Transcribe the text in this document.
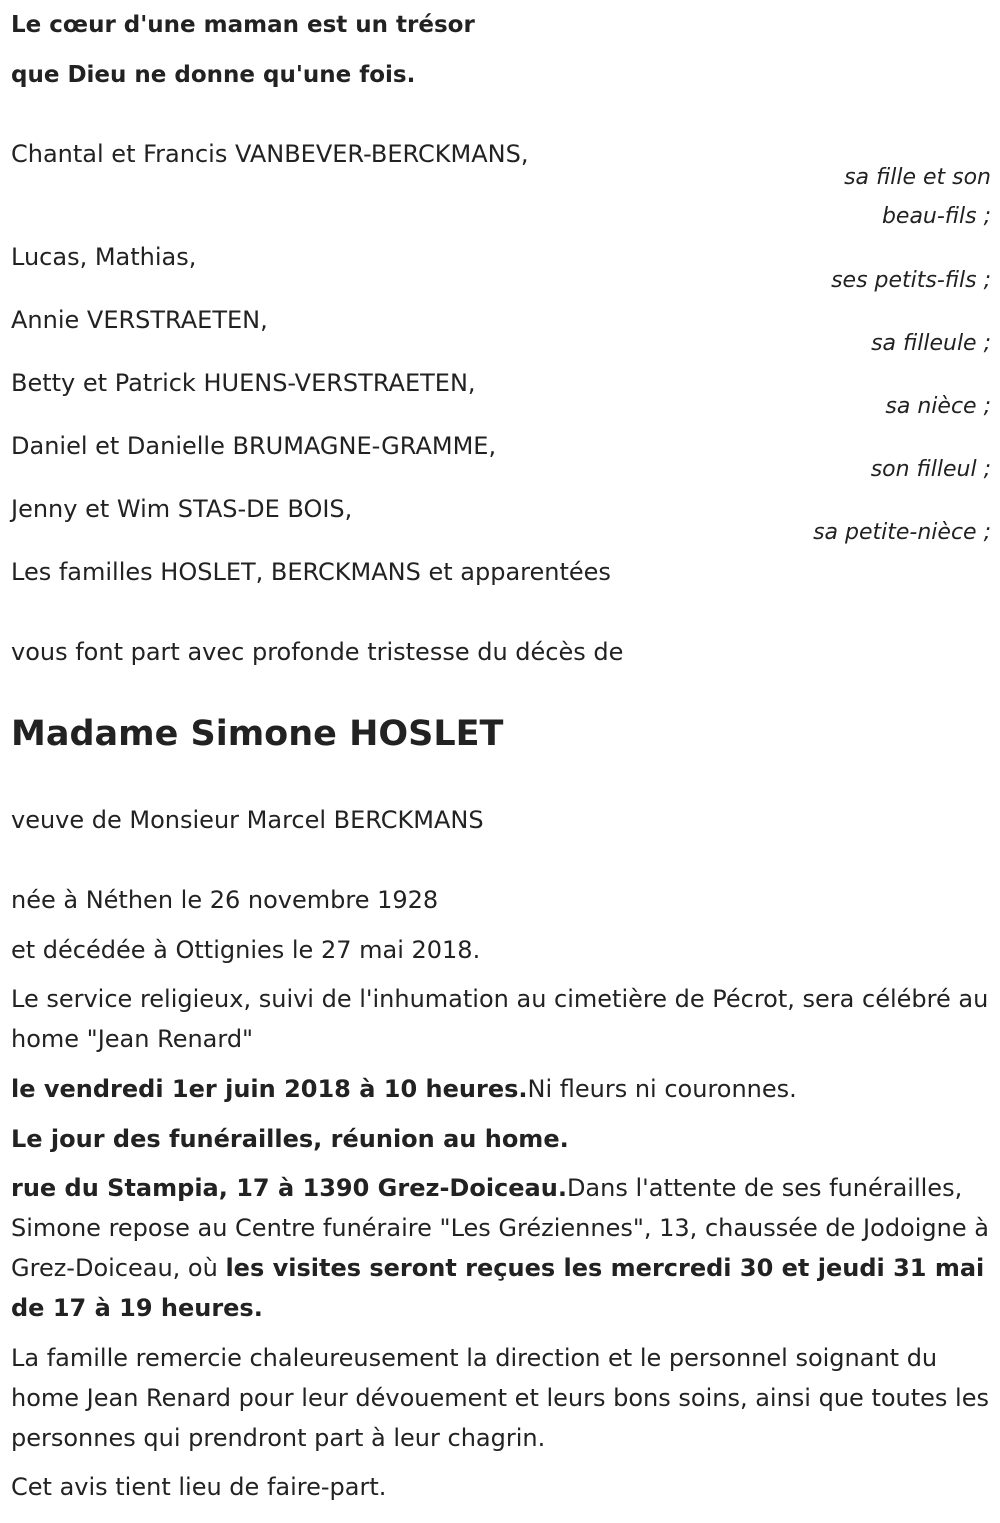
Le cœur d'une maman est un trésor
que Dieu ne donne qu'une fois.
Chantal et Francis VANBEVER-BERCKMANS,
sa fille et son
beau-fils ;
Lucas, Mathias,
ses petits-fils ;
Annie VERSTRAETEN,
sa filleule ;
Betty et Patrick HUENS-VERSTRAETEN,
sa nièce ;
Daniel et Danielle BRUMAGNE-GRAMME,
son filleul ;
Jenny et Wim STAS-DE BOIS,
sa petite-nièce ;
Les familles HOSLET, BERCKMANS et apparentées
vous font part avec profonde tristesse du décès de
Madame Simone HOSLET
veuve de Monsieur Marcel BERCKMANS
née à Néthen le 26 novembre 1928
et décédée à Ottignies le 27 mai 2018.
Le service religieux, suivi de l'inhumation au cimetière de Pécrot, sera célébré au home "Jean Renard"
le vendredi 1er juin 2018 à 10 heures.Ni fleurs ni couronnes.
Le jour des funérailles, réunion au home.
rue du Stampia, 17 à 1390 Grez-Doiceau.Dans l'attente de ses funérailles, Simone repose au Centre funéraire "Les Gréziennes", 13, chaussée de Jodoigne à Grez-Doiceau, où les visites seront reçues les mercredi 30 et jeudi 31 mai de 17 à 19 heures.
La famille remercie chaleureusement la direction et le personnel soignant du home Jean Renard pour leur dévouement et leurs bons soins, ainsi que toutes les personnes qui prendront part à leur chagrin.
Cet avis tient lieu de faire-part.
